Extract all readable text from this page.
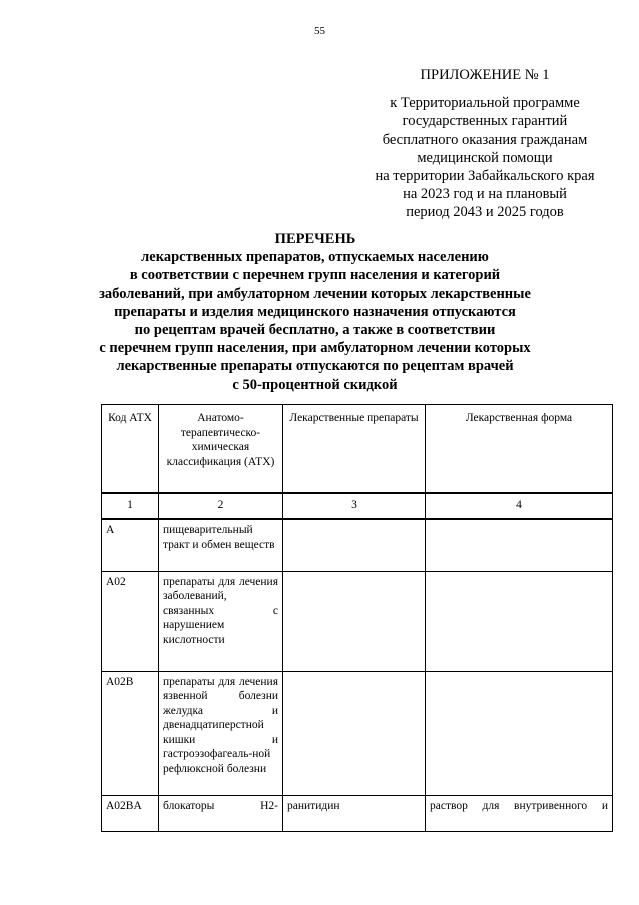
55
ПРИЛОЖЕНИЕ № 1
к Территориальной программе
государственных гарантий
бесплатного оказания гражданам
медицинской помощи
на территории Забайкальского края
на 2023 год и на плановый
период 2043 и 2025 годов
ПЕРЕЧЕНЬ
лекарственных препаратов, отпускаемых населению
в соответствии с перечнем групп населения и категорий
заболеваний, при амбулаторном лечении которых лекарственные
препараты и изделия медицинского назначения отпускаются
по рецептам врачей бесплатно, а также в соответствии
с перечнем групп населения, при амбулаторном лечении которых
лекарственные препараты отпускаются по рецептам врачей
с 50-процентной скидкой
Код АТХ	Анатомо-терапевтическо-химическая классификация (АТХ)	Лекарственные препараты	Лекарственная форма
1	2	3	4
A	пищеварительный тракт и обмен веществ		
A02	препараты для лечения заболеваний, связанных с нарушением кислотности		
A02B	препараты для лечения язвенной болезни желудка и двенадцатиперстной кишки и гастроэзофагеаль-ной рефлюксной болезни		
A02BA	блокаторы H2-	ранитидин	раствор для внутривенного и
